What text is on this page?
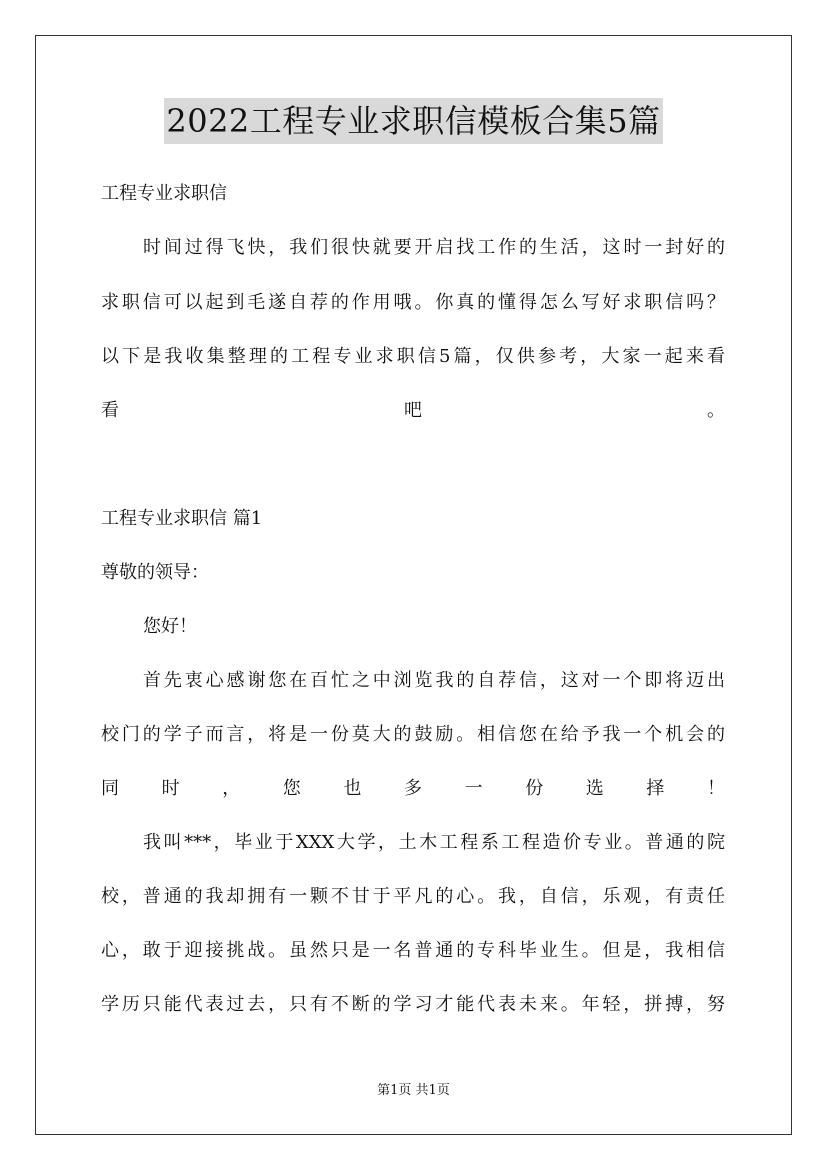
2022工程专业求职信模板合集5篇
工程专业求职信
时间过得飞快，我们很快就要开启找工作的生活，这时一封好的
求职信可以起到毛遂自荐的作用哦。你真的懂得怎么写好求职信吗？
以下是我收集整理的工程专业求职信5篇，仅供参考，大家一起来看
看吧。
工程专业求职信 篇1
尊敬的领导：
您好！
首先衷心感谢您在百忙之中浏览我的自荐信，这对一个即将迈出
校门的学子而言，将是一份莫大的鼓励。相信您在给予我一个机会的
同时，您也多一份选择！
我叫***，毕业于XXX大学，土木工程系工程造价专业。普通的院
校，普通的我却拥有一颗不甘于平凡的心。我，自信，乐观，有责任
心，敢于迎接挑战。虽然只是一名普通的专科毕业生。但是，我相信
学历只能代表过去，只有不断的学习才能代表未来。年轻，拼搏，努
第1页 共1页
